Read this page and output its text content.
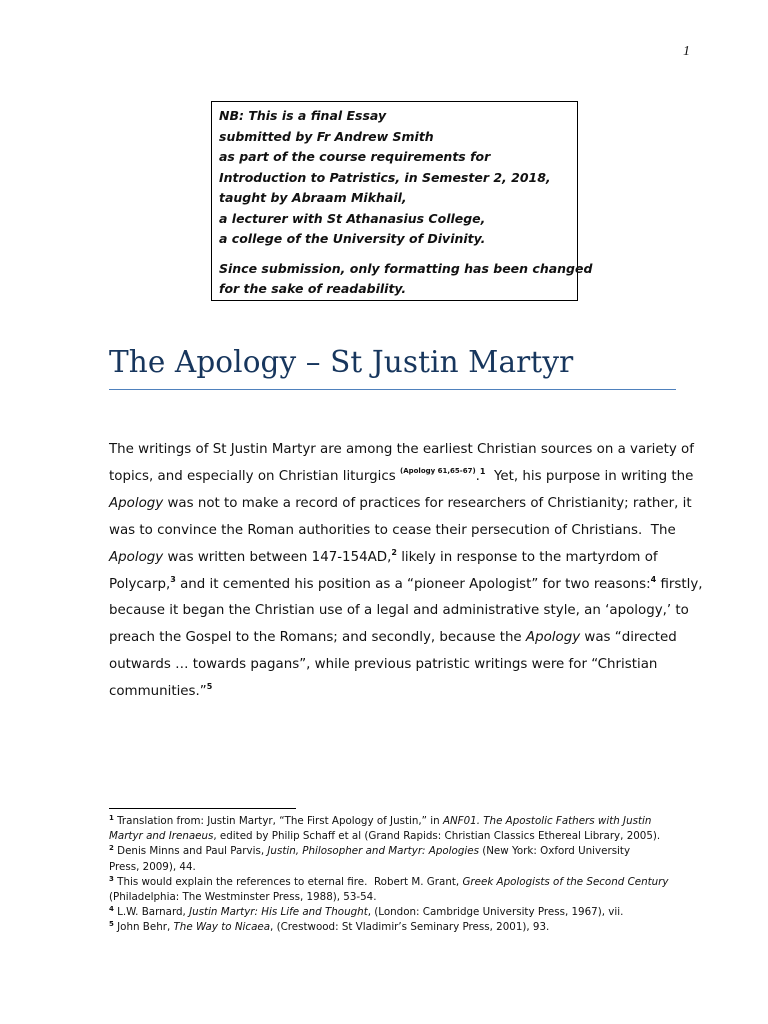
1
NB: This is a final Essay
submitted by Fr Andrew Smith
as part of the course requirements for
Introduction to Patristics, in Semester 2, 2018,
taught by Abraam Mikhail,
a lecturer with St Athanasius College,
a college of the University of Divinity.
Since submission, only formatting has been changed
for the sake of readability.
The Apology – St Justin Martyr
The writings of St Justin Martyr are among the earliest Christian sources on a variety of
topics, and especially on Christian liturgics $^{(Apology 61,65-67)}$.$^1$  Yet, his purpose in writing the
Apology was not to make a record of practices for researchers of Christianity; rather, it
was to convince the Roman authorities to cease their persecution of Christians.  The
Apology was written between 147-154AD,$^2$ likely in response to the martyrdom of
Polycarp,$^3$ and it cemented his position as a “pioneer Apologist” for two reasons:$^4$ firstly,
because it began the Christian use of a legal and administrative style, an ‘apology,’ to
preach the Gospel to the Romans; and secondly, because the Apology was “directed
outwards … towards pagans”, while previous patristic writings were for “Christian
communities.”$^5$
$^1$ Translation from: Justin Martyr, “The First Apology of Justin,” in ANF01. The Apostolic Fathers with Justin
Martyr and Irenaeus, edited by Philip Schaff et al (Grand Rapids: Christian Classics Ethereal Library, 2005).
$^2$ Denis Minns and Paul Parvis, Justin, Philosopher and Martyr: Apologies (New York: Oxford University
Press, 2009), 44.
$^3$ This would explain the references to eternal fire.  Robert M. Grant, Greek Apologists of the Second Century
(Philadelphia: The Westminster Press, 1988), 53-54.
$^4$ L.W. Barnard, Justin Martyr: His Life and Thought, (London: Cambridge University Press, 1967), vii.
$^5$ John Behr, The Way to Nicaea, (Crestwood: St Vladimir’s Seminary Press, 2001), 93.
